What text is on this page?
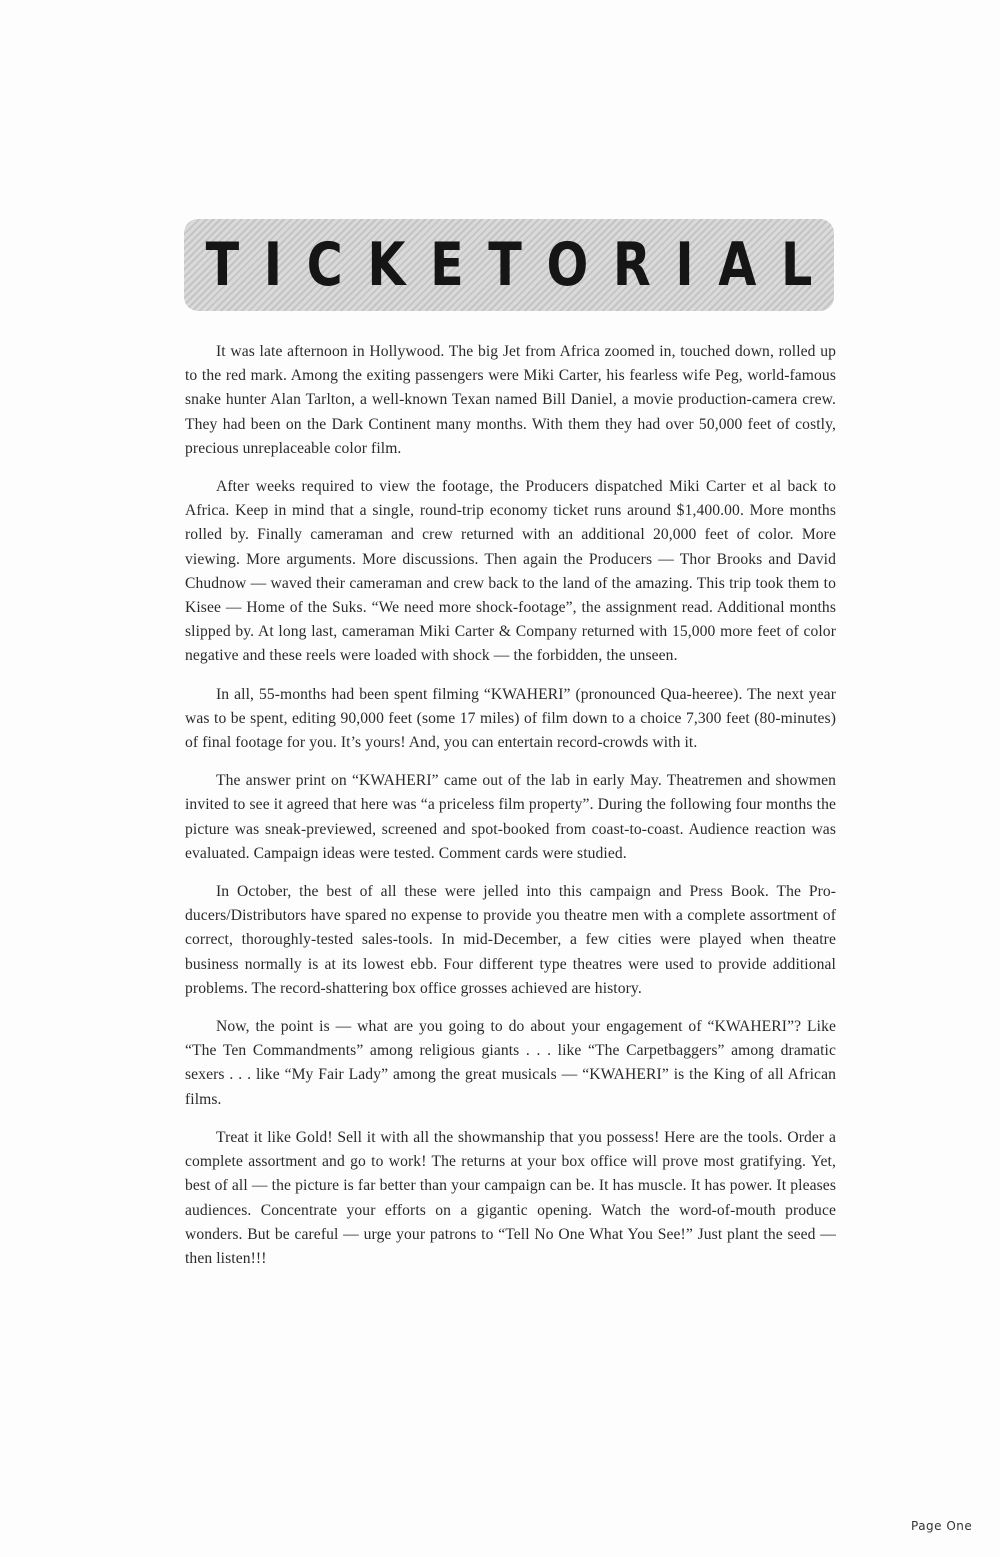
TICKETORIAL

It was late afternoon in Hollywood. The big Jet from Africa zoomed in, touched down, rolled up to the red mark. Among the exiting passengers were Miki Carter, his fearless wife Peg, world-famous snake hunter Alan Tarlton, a well-known Texan named Bill Daniel, a movie production-camera crew. They had been on the Dark Continent many months. With them they had over 50,000 feet of costly, precious unreplaceable color film.

After weeks required to view the footage, the Producers dispatched Miki Carter et al back to Africa. Keep in mind that a single, round-trip economy ticket runs around $1,400.00. More months rolled by. Finally cameraman and crew returned with an additional 20,000 feet of color. More viewing. More arguments. More discussions. Then again the Producers — Thor Brooks and David Chudnow — waved their cameraman and crew back to the land of the amazing. This trip took them to Kisee — Home of the Suks. “We need more shock-footage”, the assignment read. Additional months slipped by. At long last, cameraman Miki Carter & Company returned with 15,000 more feet of color negative and these reels were loaded with shock — the forbidden, the unseen.

In all, 55-months had been spent filming “KWAHERI” (pronounced Qua-heeree). The next year was to be spent, editing 90,000 feet (some 17 miles) of film down to a choice 7,300 feet (80-minutes) of final footage for you. It’s yours! And, you can entertain record-crowds with it.

The answer print on “KWAHERI” came out of the lab in early May. Theatremen and showmen invited to see it agreed that here was “a priceless film property”. During the following four months the picture was sneak-previewed, screened and spot-booked from coast-to-coast. Audience reaction was evaluated. Campaign ideas were tested. Comment cards were studied.

In October, the best of all these were jelled into this campaign and Press Book. The Producers/Distributors have spared no expense to provide you theatre men with a complete assortment of correct, thoroughly-tested sales-tools. In mid-December, a few cities were played when theatre business normally is at its lowest ebb. Four different type theatres were used to provide additional problems. The record-shattering box office grosses achieved are history.

Now, the point is — what are you going to do about your engagement of “KWAHERI”? Like “The Ten Commandments” among religious giants . . . like “The Carpetbaggers” among dramatic sexers . . . like “My Fair Lady” among the great musicals — “KWAHERI” is the King of all African films.

Treat it like Gold! Sell it with all the showmanship that you possess! Here are the tools. Order a complete assortment and go to work! The returns at your box office will prove most gratifying. Yet, best of all — the picture is far better than your campaign can be. It has muscle. It has power. It pleases audiences. Concentrate your efforts on a gigantic opening. Watch the word-of-mouth produce wonders. But be careful — urge your patrons to “Tell No One What You See!” Just plant the seed — then listen!!!

Page One
